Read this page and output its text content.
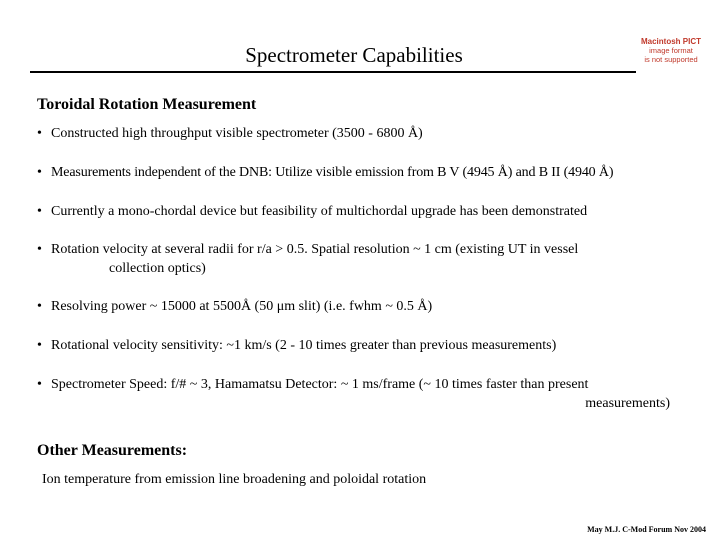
Spectrometer Capabilities
Macintosh PICT
image format
is not supported
Toroidal Rotation Measurement
• Constructed high throughput visible spectrometer (3500 - 6800 Å)
• Measurements independent of the DNB: Utilize visible emission from B V (4945 Å) and B II (4940 Å)
• Currently a mono-chordal device but feasibility of multichordal upgrade has been demonstrated
• Rotation velocity at several radii for r/a > 0.5. Spatial resolution ~ 1 cm (existing UT in vessel
collection optics)
• Resolving power ~ 15000 at 5500Å (50 μm slit) (i.e. fwhm ~ 0.5 Å)
• Rotational velocity sensitivity: ~1 km/s (2 - 10 times greater than previous measurements)
• Spectrometer Speed: f/# ~ 3, Hamamatsu Detector: ~ 1 ms/frame (~ 10 times faster than present
measurements)
Other Measurements:
Ion temperature from emission line broadening and poloidal rotation
May M.J. C-Mod Forum Nov 2004
